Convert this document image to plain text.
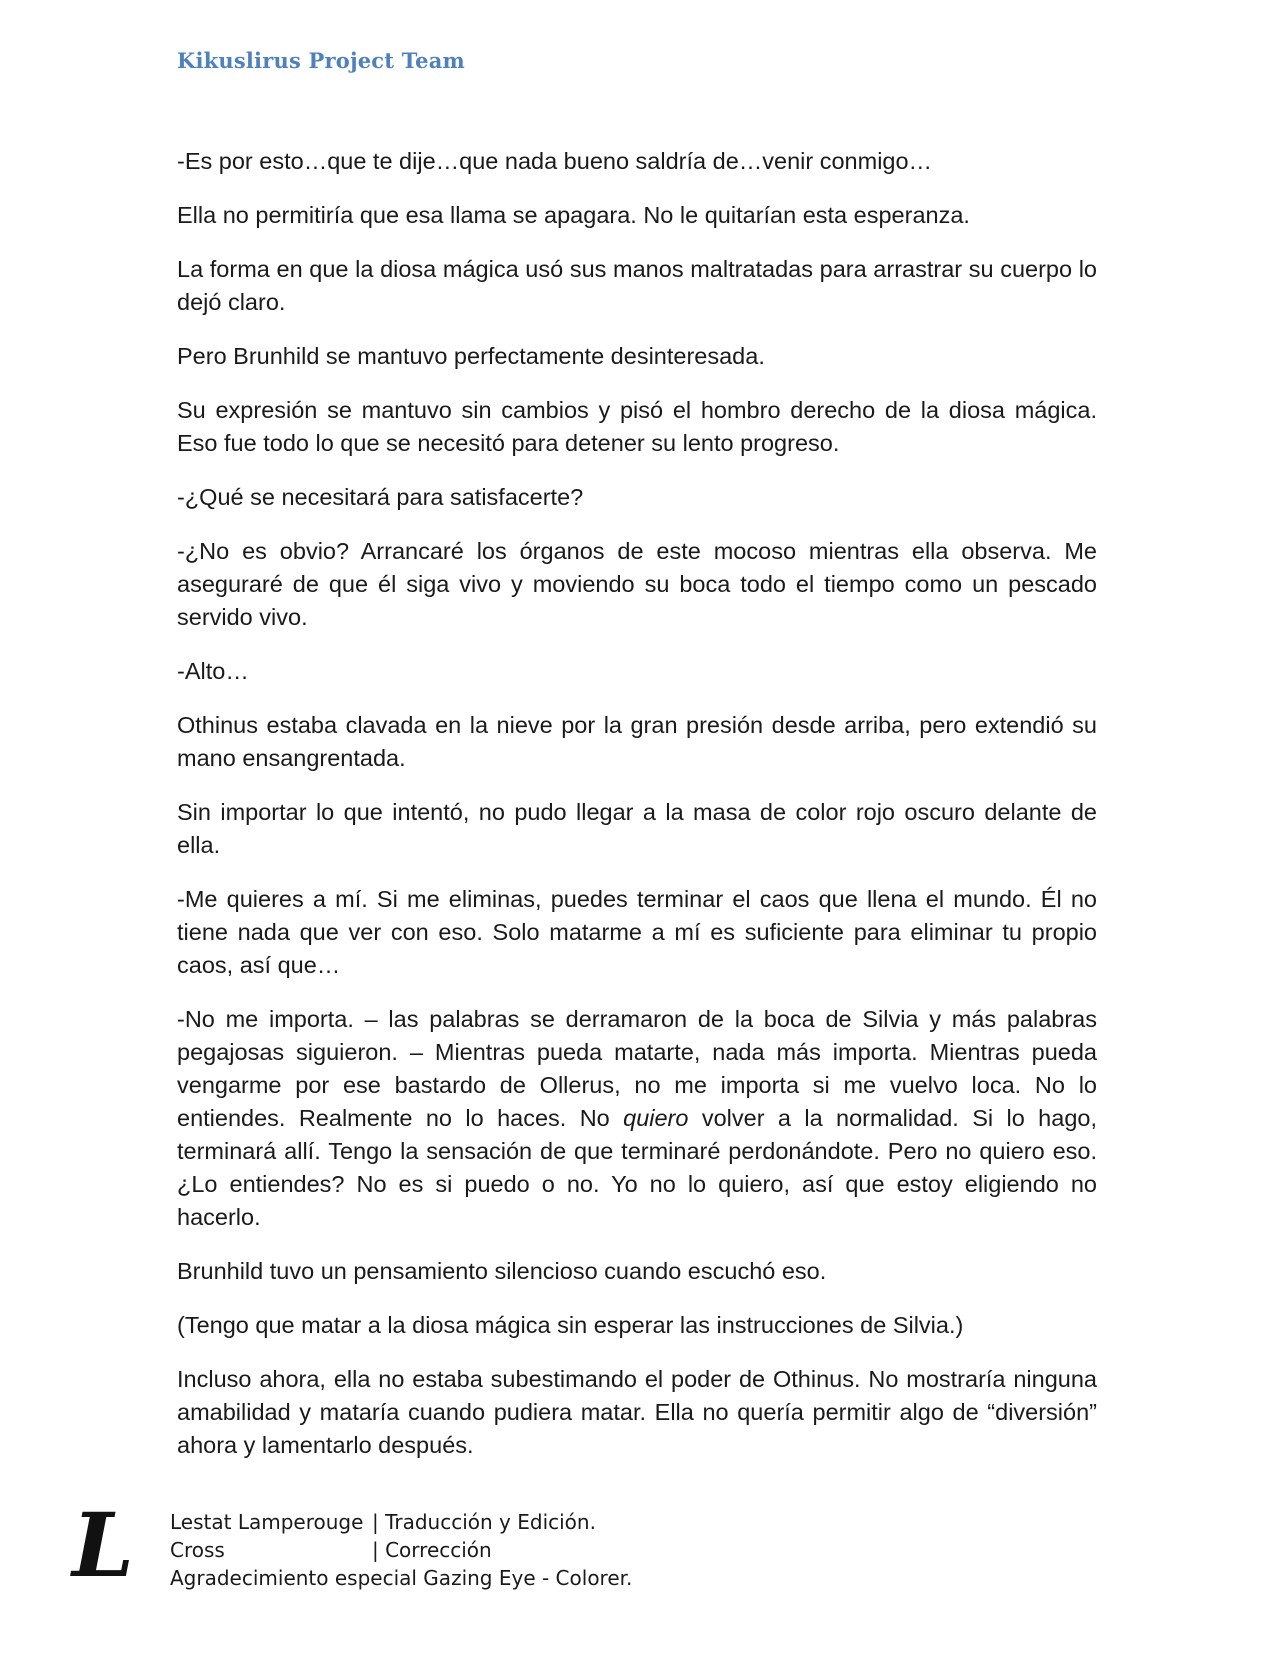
Kikuslirus Project Team

-Es por esto…que te dije…que nada bueno saldría de…venir conmigo…

Ella no permitiría que esa llama se apagara. No le quitarían esta esperanza.

La forma en que la diosa mágica usó sus manos maltratadas para arrastrar su cuerpo lo dejó claro.

Pero Brunhild se mantuvo perfectamente desinteresada.

Su expresión se mantuvo sin cambios y pisó el hombro derecho de la diosa mágica. Eso fue todo lo que se necesitó para detener su lento progreso.

-¿Qué se necesitará para satisfacerte?

-¿No es obvio? Arrancaré los órganos de este mocoso mientras ella observa. Me aseguraré de que él siga vivo y moviendo su boca todo el tiempo como un pescado servido vivo.

-Alto…

Othinus estaba clavada en la nieve por la gran presión desde arriba, pero extendió su mano ensangrentada.

Sin importar lo que intentó, no pudo llegar a la masa de color rojo oscuro delante de ella.

-Me quieres a mí. Si me eliminas, puedes terminar el caos que llena el mundo. Él no tiene nada que ver con eso. Solo matarme a mí es suficiente para eliminar tu propio caos, así que…

-No me importa. – las palabras se derramaron de la boca de Silvia y más palabras pegajosas siguieron. – Mientras pueda matarte, nada más importa. Mientras pueda vengarme por ese bastardo de Ollerus, no me importa si me vuelvo loca. No lo entiendes. Realmente no lo haces. No quiero volver a la normalidad. Si lo hago, terminará allí. Tengo la sensación de que terminaré perdonándote. Pero no quiero eso. ¿Lo entiendes? No es si puedo o no. Yo no lo quiero, así que estoy eligiendo no hacerlo.

Brunhild tuvo un pensamiento silencioso cuando escuchó eso.

(Tengo que matar a la diosa mágica sin esperar las instrucciones de Silvia.)

Incluso ahora, ella no estaba subestimando el poder de Othinus. No mostraría ninguna amabilidad y mataría cuando pudiera matar. Ella no quería permitir algo de “diversión” ahora y lamentarlo después.

L Lestat Lamperouge | Traducción y Edición.
Cross	| Corrección
Agradecimiento especial Gazing Eye - Colorer.
